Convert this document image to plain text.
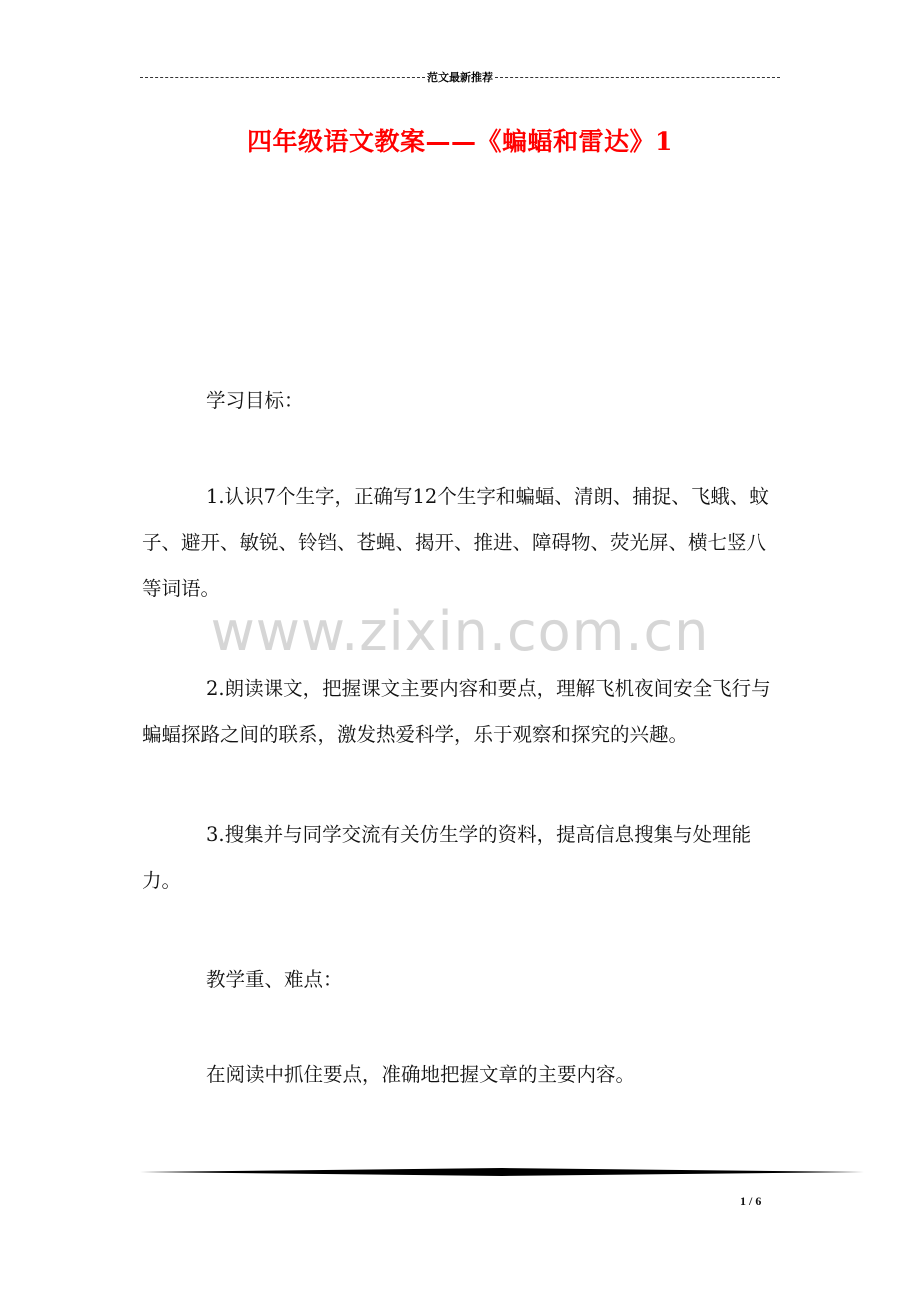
范文最新推荐
四年级语文教案——《蝙蝠和雷达》1

学习目标：

1.认识7个生字，正确写12个生字和蝙蝠、清朗、捕捉、飞蛾、蚊子、避开、敏锐、铃铛、苍蝇、揭开、推进、障碍物、荧光屏、横七竖八等词语。

2.朗读课文，把握课文主要内容和要点，理解飞机夜间安全飞行与蝙蝠探路之间的联系，激发热爱科学，乐于观察和探究的兴趣。

3.搜集并与同学交流有关仿生学的资料，提高信息搜集与处理能力。

教学重、难点：

在阅读中抓住要点，准确地把握文章的主要内容。

www.zixin.com.cn
1 / 6
